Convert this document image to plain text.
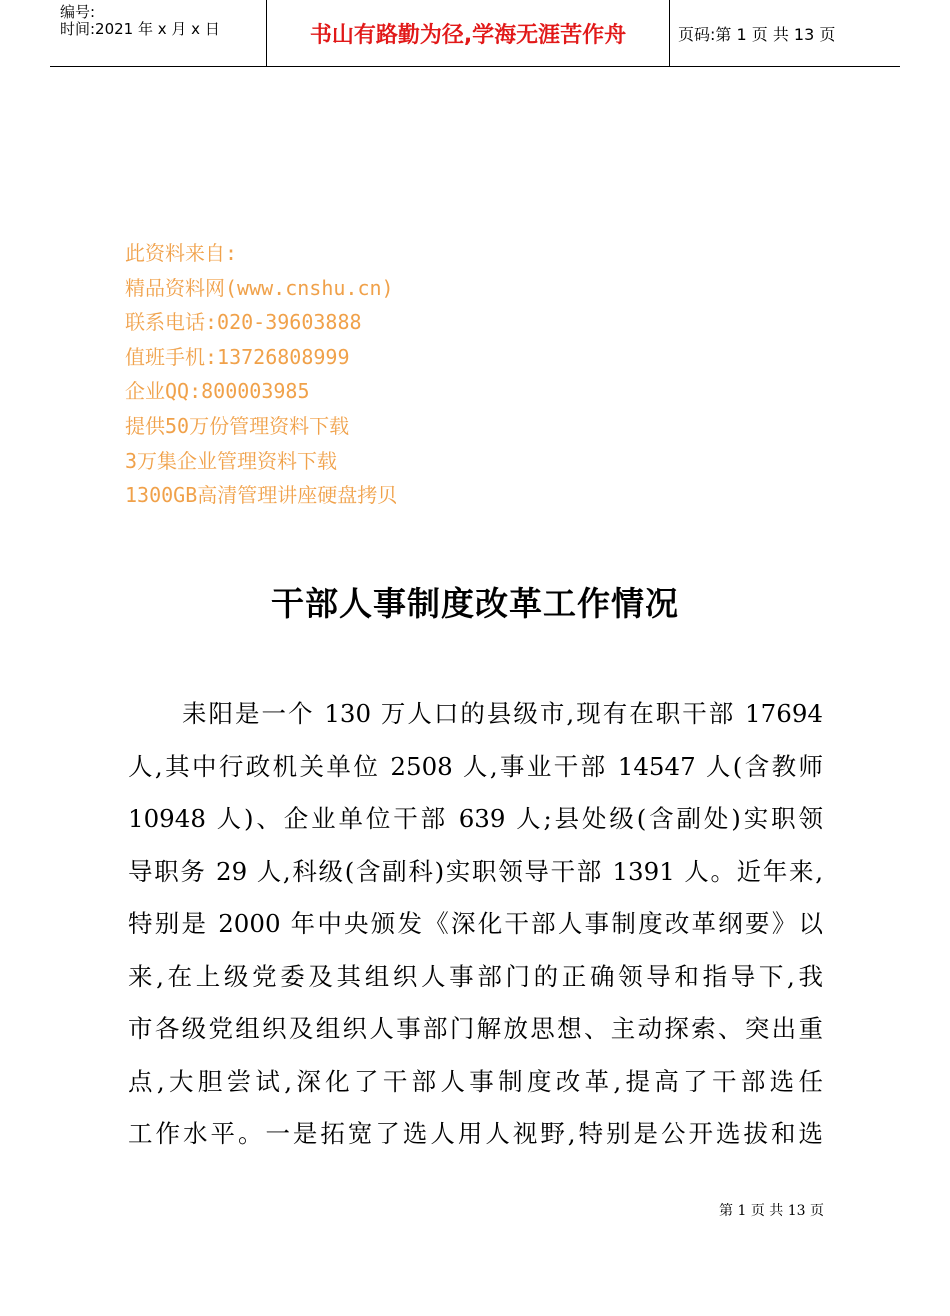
编号:
时间:2021 年 x 月 x 日	书山有路勤为径,学海无涯苦作舟	页码:第 1 页 共 13 页
此资料来自:
精品资料网(www.cnshu.cn)
联系电话:020-39603888
值班手机:13726808999
企业QQ:800003985
提供50万份管理资料下载
3万集企业管理资料下载
1300GB高清管理讲座硬盘拷贝
干部人事制度改革工作情况
耒阳是一个 130 万人口的县级市,现有在职干部 17694
人,其中行政机关单位 2508 人,事业干部 14547 人(含教师
10948 人)、企业单位干部 639 人;县处级(含副处)实职领
导职务 29 人,科级(含副科)实职领导干部 1391 人。近年来,
特别是 2000 年中央颁发《深化干部人事制度改革纲要》以
来,在上级党委及其组织人事部门的正确领导和指导下,我
市各级党组织及组织人事部门解放思想、主动探索、突出重
点,大胆尝试,深化了干部人事制度改革,提高了干部选任
工作水平。一是拓宽了选人用人视野,特别是公开选拔和选
第 1 页 共 13 页
